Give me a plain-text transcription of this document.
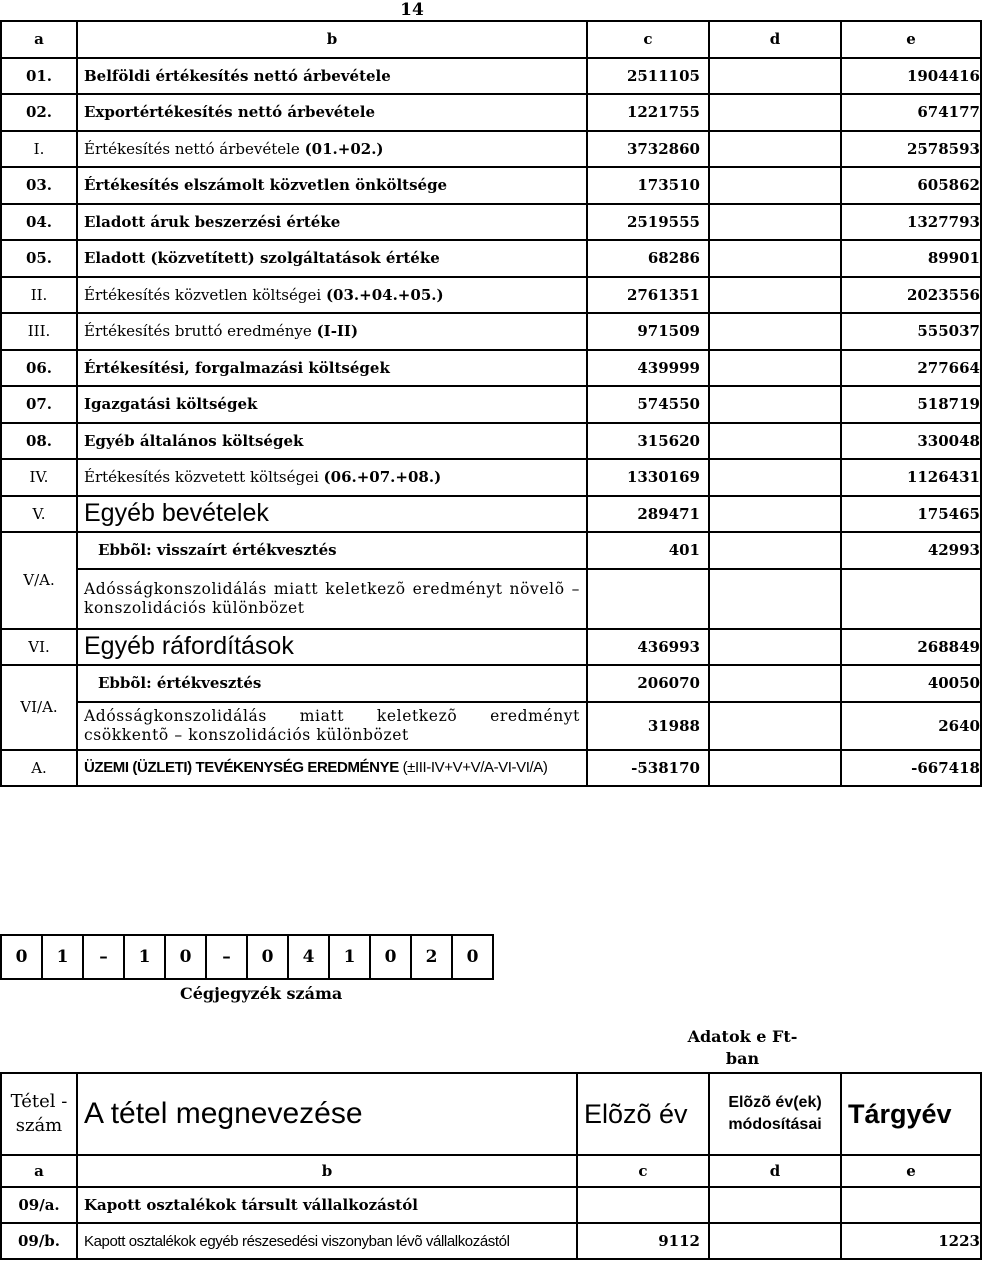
14
a	b	c	d	e
01.	Belföldi értékesítés nettó árbevétele	2511105		1904416
02.	Exportértékesítés nettó árbevétele	1221755		674177
I.	Értékesítés nettó árbevétele (01.+02.)	3732860		2578593
03.	Értékesítés elszámolt közvetlen önköltsége	173510		605862
04.	Eladott áruk beszerzési értéke	2519555		1327793
05.	Eladott (közvetített) szolgáltatások értéke	68286		89901
II.	Értékesítés közvetlen költségei (03.+04.+05.)	2761351		2023556
III.	Értékesítés bruttó eredménye (I-II)	971509		555037
06.	Értékesítési, forgalmazási költségek	439999		277664
07.	Igazgatási költségek	574550		518719
08.	Egyéb általános költségek	315620		330048
IV.	Értékesítés közvetett költségei (06.+07.+08.)	1330169		1126431
V.	Egyéb bevételek	289471		175465
V/A.	Ebbõl: visszaírt értékvesztés	401		42993
	Adósságkonszolidálás miatt keletkezõ eredményt növelõ – konszolidációs különbözet			
VI.	Egyéb ráfordítások	436993		268849
VI/A.	Ebbõl: értékvesztés	206070		40050
	Adósságkonszolidálás miatt keletkezõ eredményt csökkentõ – konszolidációs különbözet	31988		2640
A.	ÜZEMI (ÜZLETI) TEVÉKENYSÉG EREDMÉNYE (±III-IV+V+V/A-VI-VI/A)	-538170		-667418
0	1	–	1	0	–	0	4	1	0	2	0
Cégjegyzék száma
Adatok e Ft-ban
Tétel - szám	A tétel megnevezése	Elõzõ év	Elõzõ év(ek) módosításai	Tárgyév
a	b	c	d	e
09/a.	Kapott osztalékok társult vállalkozástól			
09/b.	Kapott osztalékok egyéb részesedési viszonyban lévõ vállalkozástól	9112		1223
